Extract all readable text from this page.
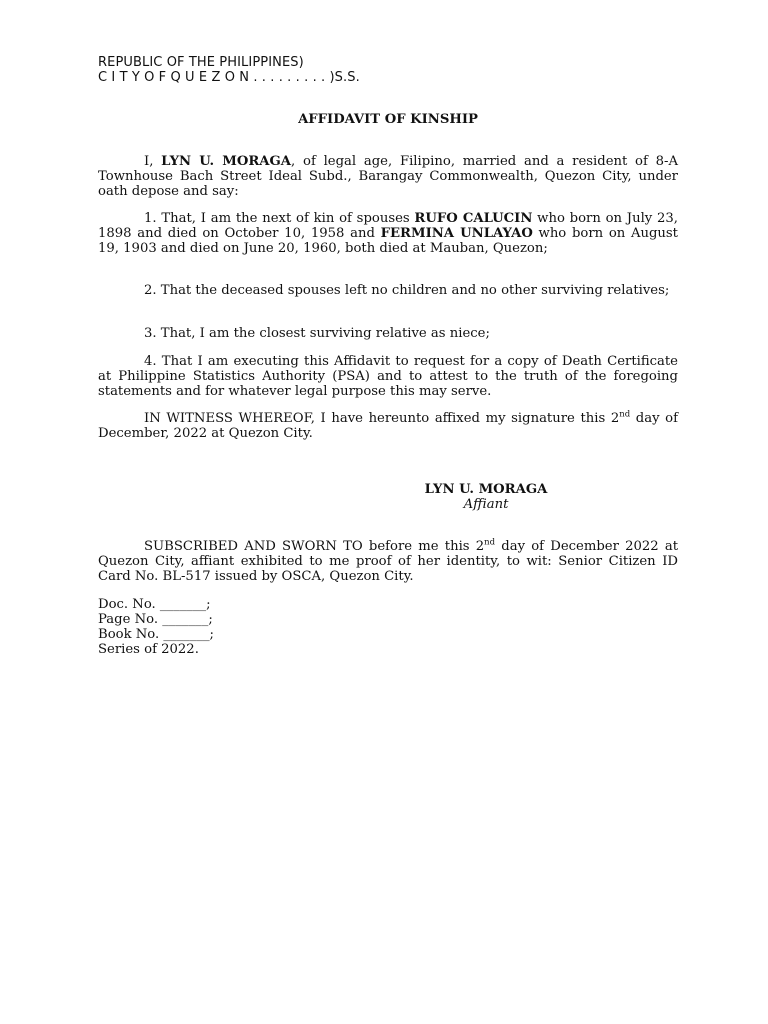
REPUBLIC OF THE PHILIPPINES)
C I T Y O F Q U E Z O N . . . . . . . . . )S.S.
AFFIDAVIT OF KINSHIP

I, LYN U. MORAGA, of legal age, Filipino, married and a resident of 8-A Townhouse Bach Street Ideal Subd., Barangay Commonwealth, Quezon City, under oath depose and say:

1. That, I am the next of kin of spouses RUFO CALUCIN who born on July 23, 1898 and died on October 10, 1958 and FERMINA UNLAYAO who born on August 19, 1903 and died on June 20, 1960, both died at Mauban, Quezon;

2. That the deceased spouses left no children and no other surviving relatives;

3. That, I am the closest surviving relative as niece;

4. That I am executing this Affidavit to request for a copy of Death Certificate at Philippine Statistics Authority (PSA) and to attest to the truth of the foregoing statements and for whatever legal purpose this may serve.

IN WITNESS WHEREOF, I have hereunto affixed my signature this 2nd day of December, 2022 at Quezon City.

LYN U. MORAGA
Affiant

SUBSCRIBED AND SWORN TO before me this 2nd day of December 2022 at Quezon City, affiant exhibited to me proof of her identity, to wit: Senior Citizen ID Card No. BL-517 issued by OSCA, Quezon City.

Doc. No. _______;
Page No. _______;
Book No. _______;
Series of 2022.
